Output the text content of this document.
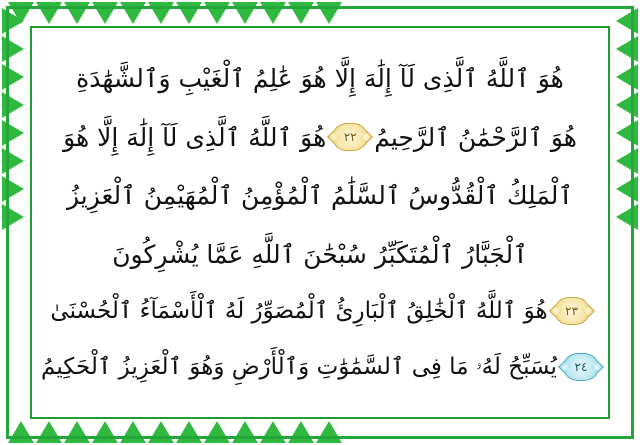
هُوَ ٱللَّهُ ٱلَّذِى لَآ إِلَٰهَ إِلَّا هُوَ عَٰلِمُ ٱلْغَيْبِ وَٱلشَّهَٰدَةِ
هُوَ ٱلرَّحْمَٰنُ ٱلرَّحِيمُ
٢٢
هُوَ ٱللَّهُ ٱلَّذِى لَآ إِلَٰهَ إِلَّا هُوَ
ٱلْمَلِكُ ٱلْقُدُّوسُ ٱلسَّلَٰمُ ٱلْمُؤْمِنُ ٱلْمُهَيْمِنُ ٱلْعَزِيزُ
ٱلْجَبَّارُ ٱلْمُتَكَبِّرُ سُبْحَٰنَ ٱللَّهِ عَمَّا يُشْرِكُونَ
٢٣
هُوَ ٱللَّهُ ٱلْخَٰلِقُ ٱلْبَارِئُ ٱلْمُصَوِّرُ لَهُ ٱلْأَسْمَآءُ ٱلْحُسْنَىٰ
٢٤
يُسَبِّحُ لَهُۥ مَا فِى ٱلسَّمَٰوَٰتِ وَٱلْأَرْضِ وَهُوَ ٱلْعَزِيزُ ٱلْحَكِيمُ
